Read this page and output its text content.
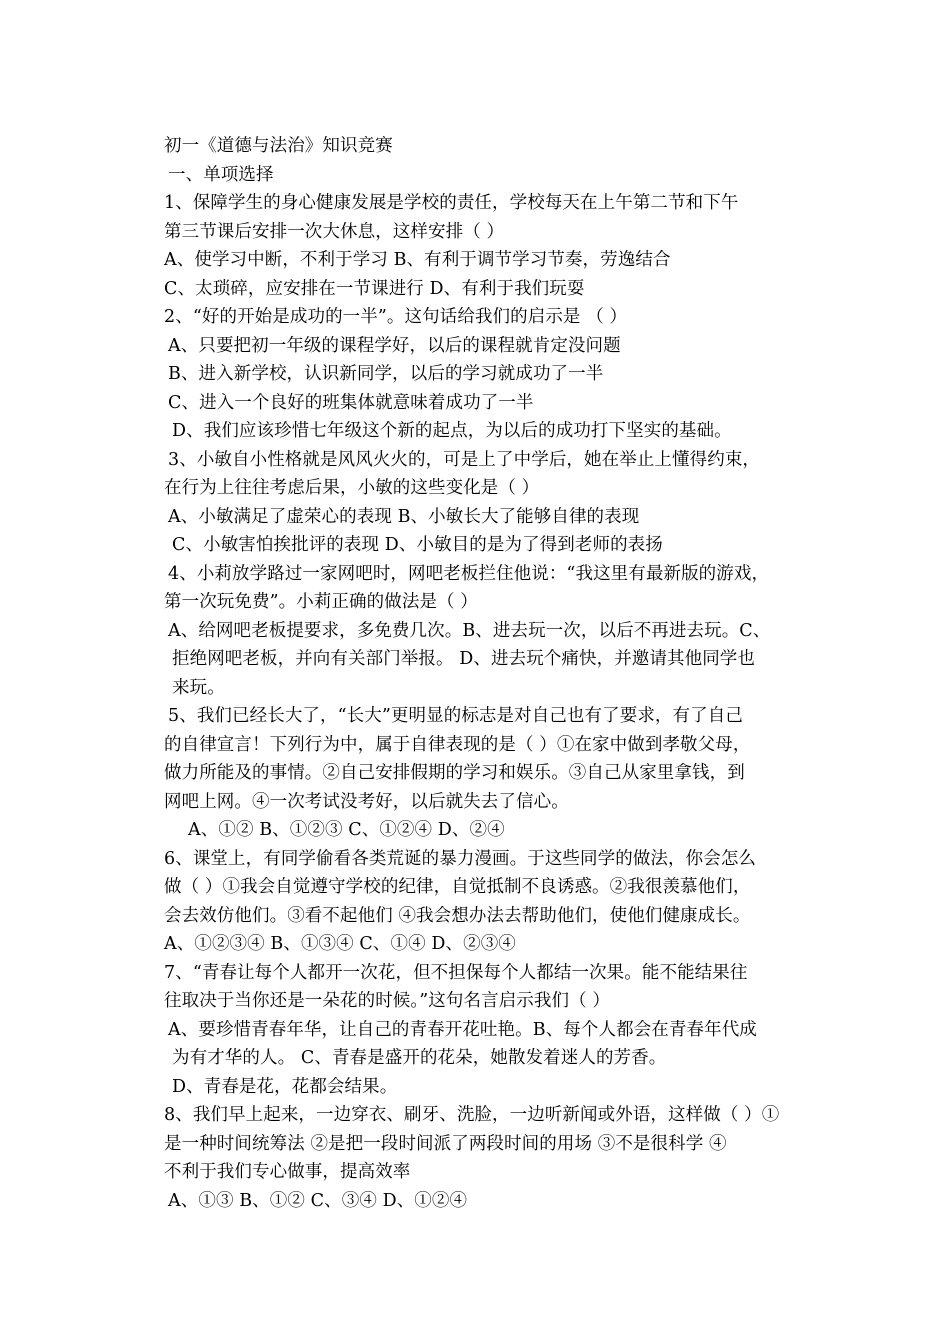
初一《道德与法治》知识竞赛
一、单项选择
1、保障学生的身心健康发展是学校的责任，学校每天在上午第二节和下午
第三节课后安排一次大休息，这样安排（ ）
A、使学习中断，不利于学习 B、有利于调节学习节奏，劳逸结合
C、太琐碎，应安排在一节课进行 D、有利于我们玩耍
2、“好的开始是成功的一半”。这句话给我们的启示是 （ ）
A、只要把初一年级的课程学好，以后的课程就肯定没问题
B、进入新学校，认识新同学，以后的学习就成功了一半
C、进入一个良好的班集体就意味着成功了一半
D、我们应该珍惜七年级这个新的起点，为以后的成功打下坚实的基础。
3、小敏自小性格就是风风火火的，可是上了中学后，她在举止上懂得约束，
在行为上往往考虑后果，小敏的这些变化是（ ）
A、小敏满足了虚荣心的表现 B、小敏长大了能够自律的表现
C、小敏害怕挨批评的表现 D、小敏目的是为了得到老师的表扬
4、小莉放学路过一家网吧时，网吧老板拦住他说：“我这里有最新版的游戏，
第一次玩免费”。小莉正确的做法是（ ）
A、给网吧老板提要求，多免费几次。B、进去玩一次，以后不再进去玩。C、
拒绝网吧老板，并向有关部门举报。 D、进去玩个痛快，并邀请其他同学也
来玩。
5、我们已经长大了，“长大”更明显的标志是对自己也有了要求，有了自己
的自律宣言！下列行为中，属于自律表现的是（ ）①在家中做到孝敬父母，
做力所能及的事情。②自己安排假期的学习和娱乐。③自己从家里拿钱，到
网吧上网。④一次考试没考好，以后就失去了信心。
A、①② B、①②③ C、①②④ D、②④
6、课堂上，有同学偷看各类荒诞的暴力漫画。于这些同学的做法，你会怎么
做（ ）①我会自觉遵守学校的纪律，自觉抵制不良诱惑。②我很羡慕他们，
会去效仿他们。③看不起他们 ④我会想办法去帮助他们，使他们健康成长。
A、①②③④ B、①③④ C、①④ D、②③④
7、“青春让每个人都开一次花，但不担保每个人都结一次果。能不能结果往
往取决于当你还是一朵花的时候。”这句名言启示我们（ ）
A、要珍惜青春年华，让自己的青春开花吐艳。B、每个人都会在青春年代成
为有才华的人。 C、青春是盛开的花朵，她散发着迷人的芳香。
D、青春是花，花都会结果。
8、我们早上起来，一边穿衣、刷牙、洗脸，一边听新闻或外语，这样做（ ）①
是一种时间统筹法 ②是把一段时间派了两段时间的用场 ③不是很科学 ④
不利于我们专心做事，提高效率
A、①③ B、①② C、③④ D、①②④
